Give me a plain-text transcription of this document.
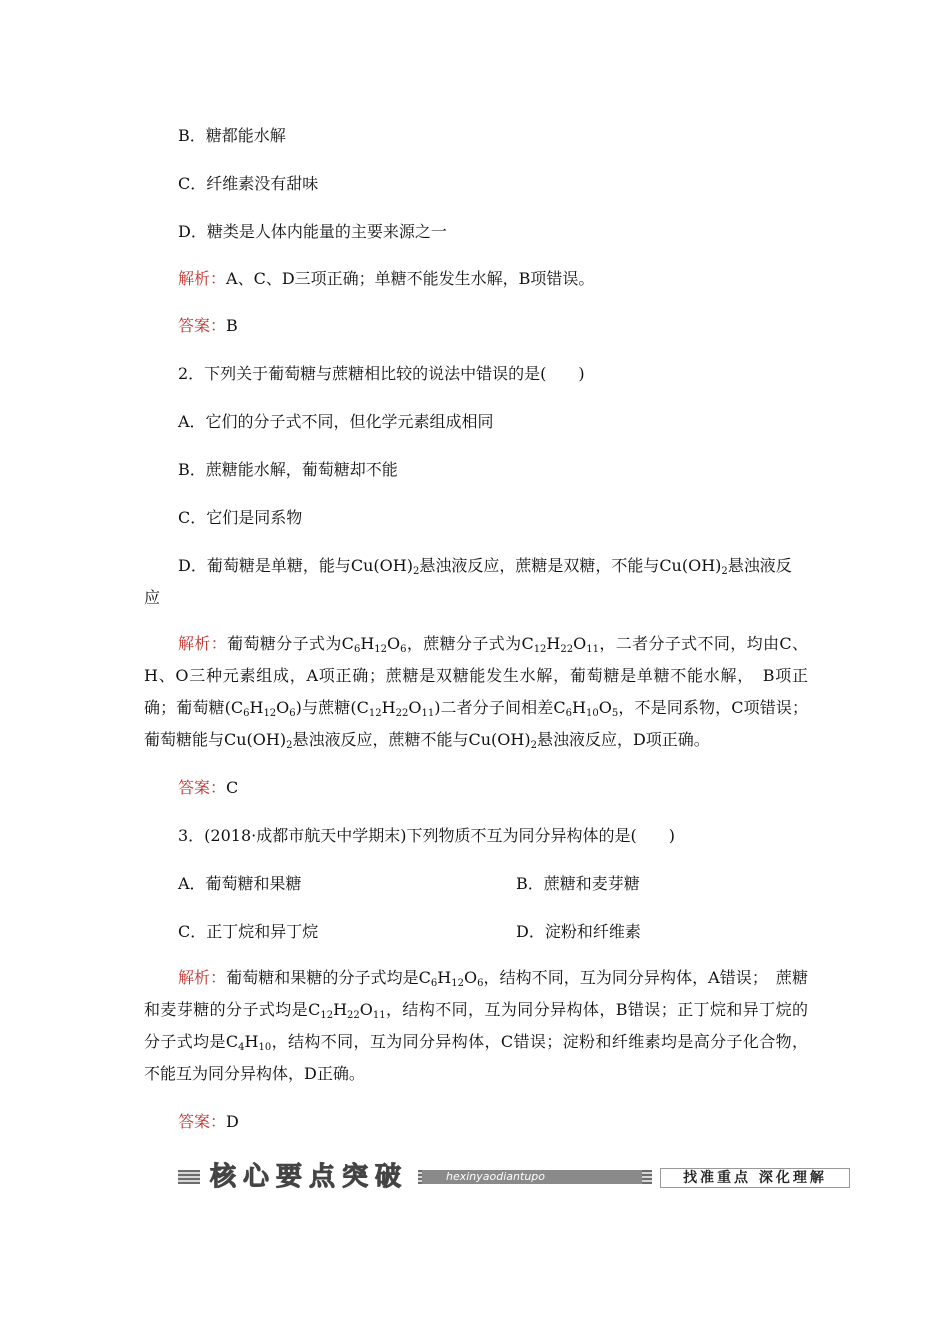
B．糖都能水解
C．纤维素没有甜味
D．糖类是人体内能量的主要来源之一
解析：A、C、D三项正确；单糖不能发生水解，B项错误。
答案：B
2．下列关于葡萄糖与蔗糖相比较的说法中错误的是(　　)
A．它们的分子式不同，但化学元素组成相同
B．蔗糖能水解，葡萄糖却不能
C．它们是同系物
D．葡萄糖是单糖，能与$Cu(OH)_2$悬浊液反应，蔗糖是双糖，不能与$Cu(OH)_2$悬浊液反
应
解析：葡萄糖分子式为$C_6H_{12}O_6$，蔗糖分子式为$C_{12}H_{22}O_{11}$，二者分子式不同，均由C、H、O三种元素组成，A项正确；蔗糖是双糖能发生水解，葡萄糖是单糖不能水解，　B项正确；葡萄糖$(C_6H_{12}O_6)$与蔗糖$(C_{12}H_{22}O_{11})$二者分子间相差$C_6H_{10}O_5$，不是同系物，C项错误；葡萄糖能与$Cu(OH)_2$悬浊液反应，蔗糖不能与$Cu(OH)_2$悬浊液反应，D项正确。
答案：C
3．(2018·成都市航天中学期末)下列物质不互为同分异构体的是(　　)
A．葡萄糖和果糖	B．蔗糖和麦芽糖
C．正丁烷和异丁烷	D．淀粉和纤维素
解析：葡萄糖和果糖的分子式均是$C_6H_{12}O_6$，结构不同，互为同分异构体，A错误；　蔗糖和麦芽糖的分子式均是$C_{12}H_{22}O_{11}$，结构不同，互为同分异构体，B错误；正丁烷和异丁烷的分子式均是$C_4H_{10}$，结构不同，互为同分异构体，C错误；淀粉和纤维素均是高分子化合物，不能互为同分异构体，D正确。
答案：D
核心要点突破	hexinyaodiantupo	找准重点 深化理解
